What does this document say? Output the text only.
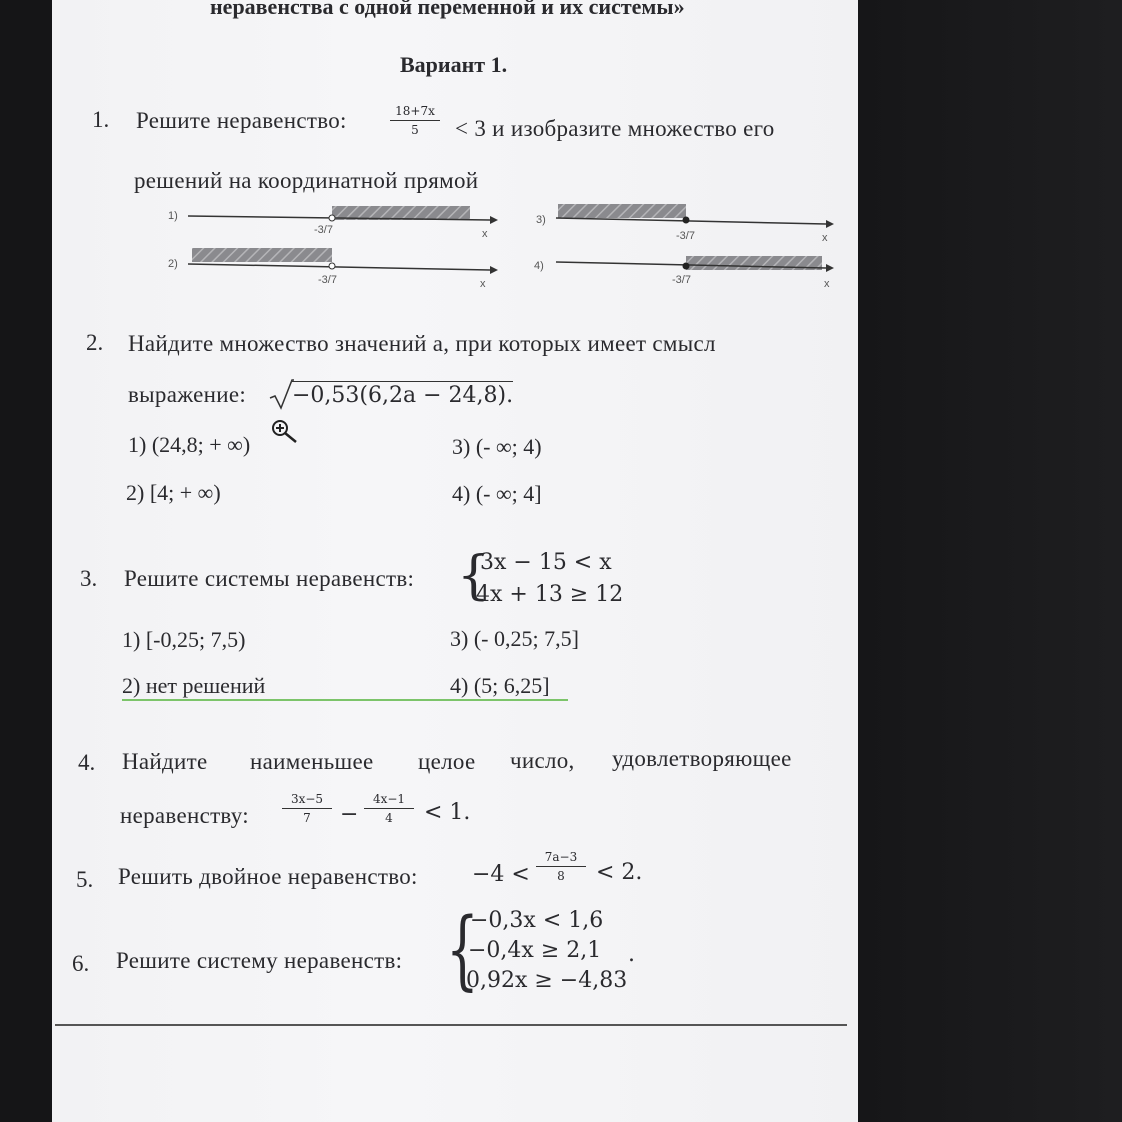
неравенства с одной переменной и их системы»
Вариант 1.
1. Решите неравенство:	18+7x
5	< 3 и изобразите множество его
решений на координатной прямой
1)
-3/7	x
2)
-3/7	x
3)
-3/7	x
4)
-3/7	x
2. Найдите множество значений a, при которых имеет смысл
выражение: −0,53(6,2a − 24,8).
1) (24,8; + ∞)
2) [4; + ∞)
3) (- ∞; 4)
4) (- ∞; 4]
3. Решите системы неравенств: {
3x − 15 < x
4x + 13 ≥ 12
1) [-0,25; 7,5)
2) нет решений
3) (- 0,25; 7,5]
4) (5; 6,25]
4. Найдите наименьшее целое число, удовлетворяющее
неравенству:
3x−5
7	−
4x−1
4	< 1.
5. Решить двойное неравенство: −4 <
7a−3
8	< 2.
6. Решите систему неравенств: {
−0,3x < 1,6
−0,4x ≥ 2,1 .
0,92x ≥ −4,83
